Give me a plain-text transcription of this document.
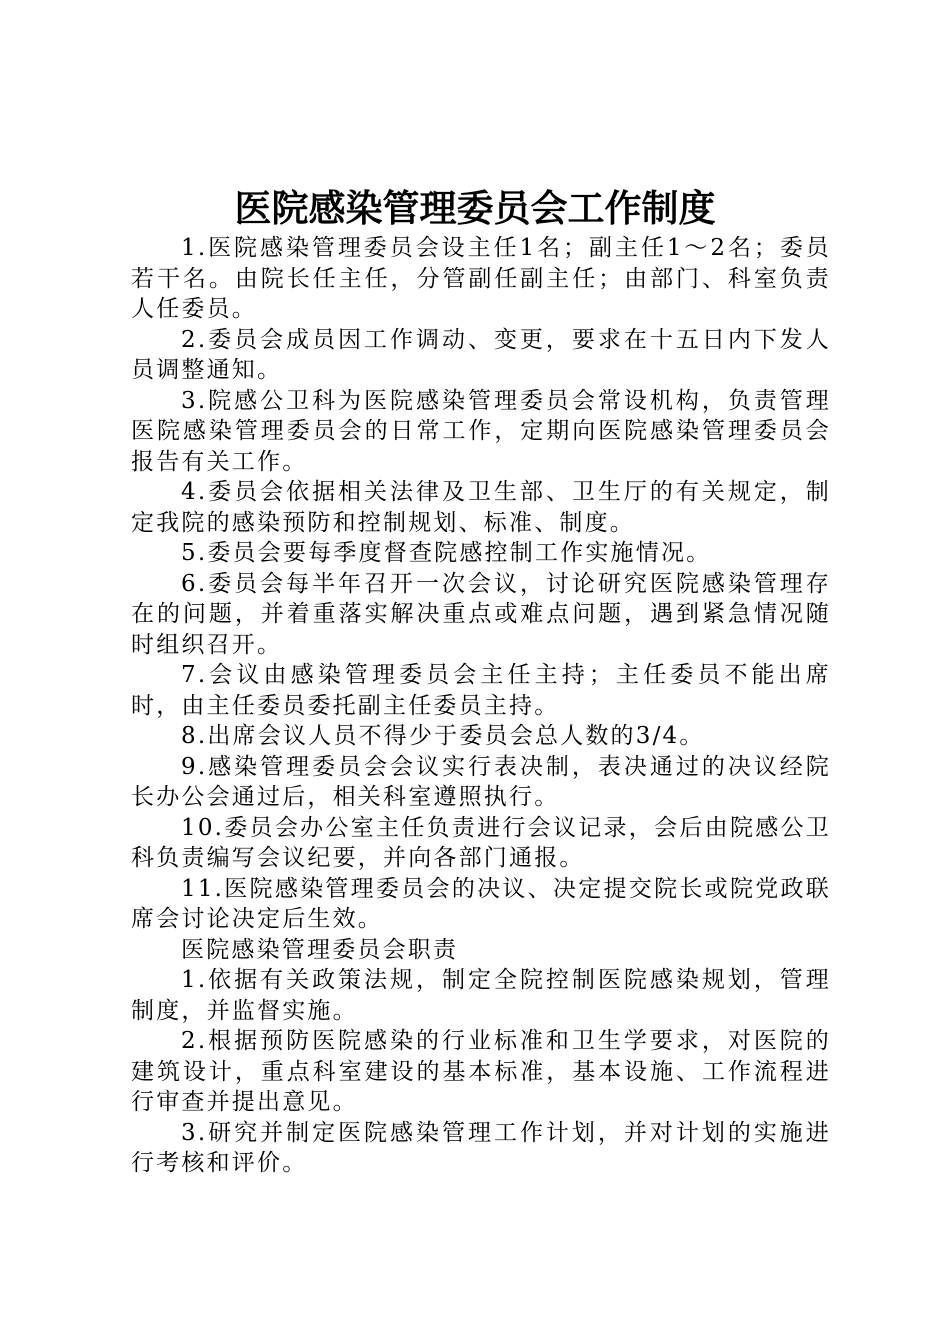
医院感染管理委员会工作制度

1.医院感染管理委员会设主任1名；副主任1～2名；委员若干名。由院长任主任，分管副任副主任；由部门、科室负责人任委员。

2.委员会成员因工作调动、变更，要求在十五日内下发人员调整通知。

3.院感公卫科为医院感染管理委员会常设机构，负责管理医院感染管理委员会的日常工作，定期向医院感染管理委员会报告有关工作。

4.委员会依据相关法律及卫生部、卫生厅的有关规定，制定我院的感染预防和控制规划、标准、制度。

5.委员会要每季度督查院感控制工作实施情况。

6.委员会每半年召开一次会议，讨论研究医院感染管理存在的问题，并着重落实解决重点或难点问题，遇到紧急情况随时组织召开。

7.会议由感染管理委员会主任主持；主任委员不能出席时，由主任委员委托副主任委员主持。

8.出席会议人员不得少于委员会总人数的3/4。

9.感染管理委员会会议实行表决制，表决通过的决议经院长办公会通过后，相关科室遵照执行。

10.委员会办公室主任负责进行会议记录，会后由院感公卫科负责编写会议纪要，并向各部门通报。

11.医院感染管理委员会的决议、决定提交院长或院党政联席会讨论决定后生效。

医院感染管理委员会职责

1.依据有关政策法规，制定全院控制医院感染规划，管理制度，并监督实施。

2.根据预防医院感染的行业标准和卫生学要求，对医院的建筑设计，重点科室建设的基本标准，基本设施、工作流程进行审查并提出意见。

3.研究并制定医院感染管理工作计划，并对计划的实施进行考核和评价。
